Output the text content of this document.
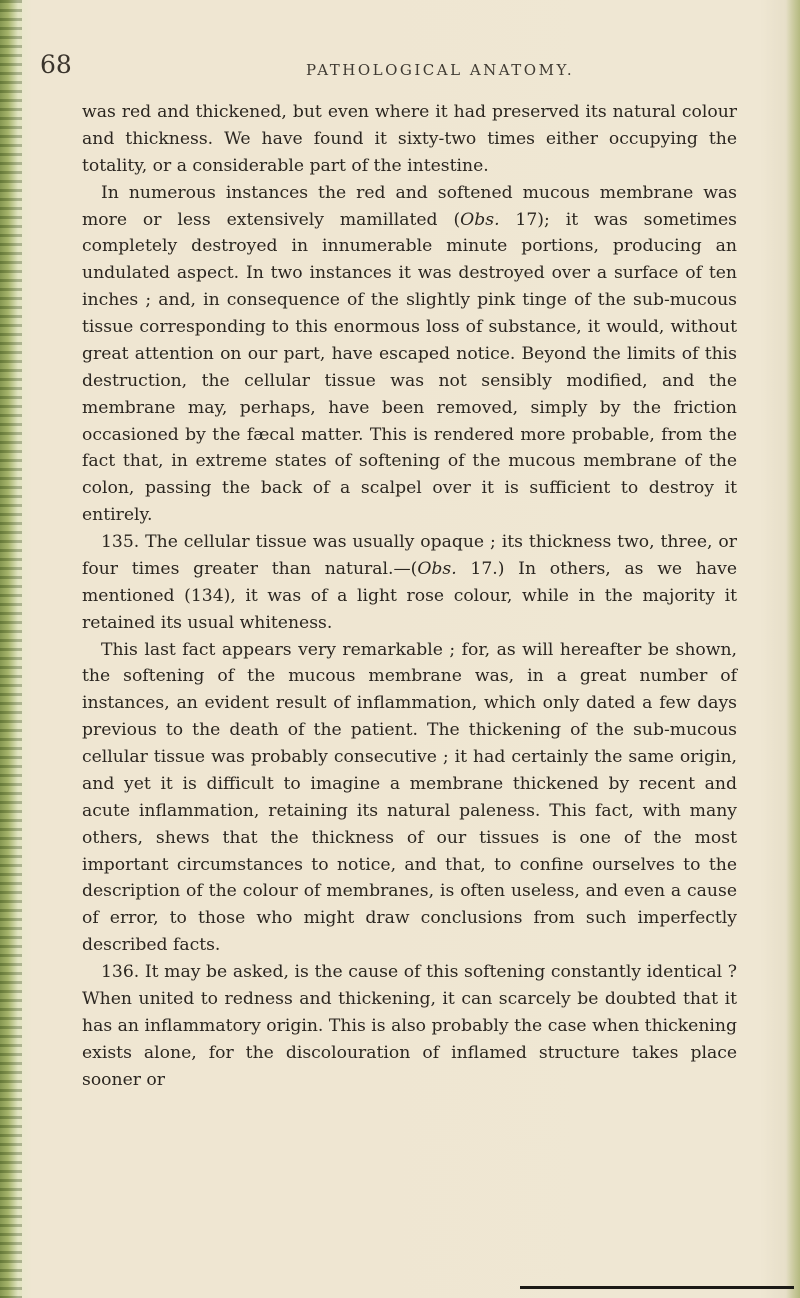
68	PATHOLOGICAL ANATOMY.

was red and thickened, but even where it had preserved its natural colour and thickness. We have found it sixty-two times either occupying the totality, or a considerable part of the intestine.

In numerous instances the red and softened mucous membrane was more or less extensively mamillated (Obs. 17); it was sometimes completely destroyed in innumerable minute portions, producing an undulated aspect. In two instances it was destroyed over a surface of ten inches ; and, in consequence of the slightly pink tinge of the sub-mucous tissue corresponding to this enormous loss of substance, it would, without great attention on our part, have escaped notice. Beyond the limits of this destruction, the cellular tissue was not sensibly modified, and the membrane may, perhaps, have been removed, simply by the friction occasioned by the fæcal matter. This is rendered more probable, from the fact that, in extreme states of softening of the mucous membrane of the colon, passing the back of a scalpel over it is sufficient to destroy it entirely.

135. The cellular tissue was usually opaque ; its thickness two, three, or four times greater than natural.—(Obs. 17.) In others, as we have mentioned (134), it was of a light rose colour, while in the majority it retained its usual whiteness.

This last fact appears very remarkable ; for, as will hereafter be shown, the softening of the mucous membrane was, in a great number of instances, an evident result of inflammation, which only dated a few days previous to the death of the patient. The thickening of the sub-mucous cellular tissue was probably consecutive ; it had certainly the same origin, and yet it is difficult to imagine a membrane thickened by recent and acute inflammation, retaining its natural paleness. This fact, with many others, shews that the thickness of our tissues is one of the most important circumstances to notice, and that, to confine ourselves to the description of the colour of membranes, is often useless, and even a cause of error, to those who might draw conclusions from such imperfectly described facts.

136. It may be asked, is the cause of this softening constantly identical ? When united to redness and thickening, it can scarcely be doubted that it has an inflammatory origin. This is also probably the case when thickening exists alone, for the discolouration of inflamed structure takes place sooner or
